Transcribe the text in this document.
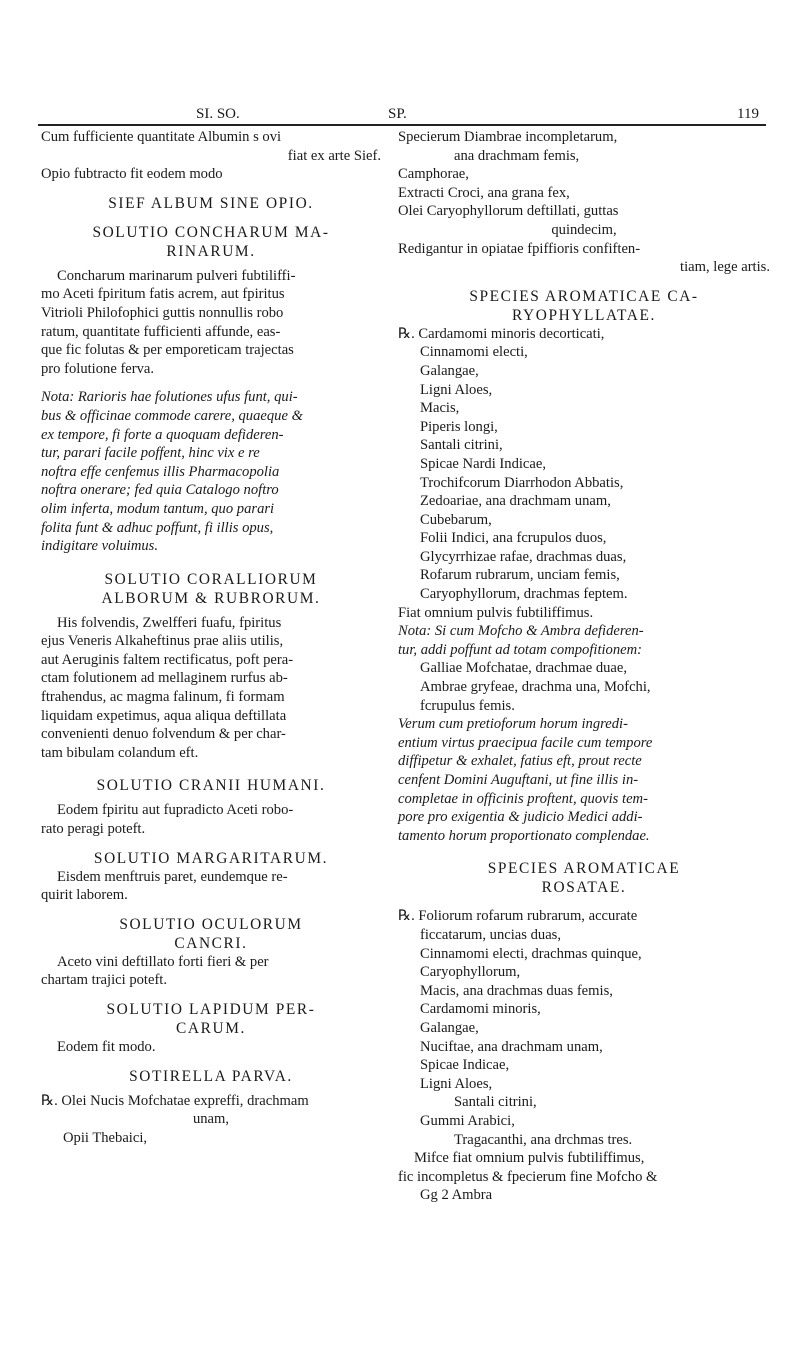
SI. SO.	SP.	119

Cum fufficiente quantitate Albumin s ovi

fiat ex arte Sief.

Opio fubtracto fit eodem modo

SIEF ALBUM SINE OPIO.

SOLUTIO CONCHARUM MA-

RINARUM.

Concharum marinarum pulveri fubtiliffi-

mo Aceti fpiritum fatis acrem, aut fpiritus

Vitrioli Philofophici guttis nonnullis robo

ratum, quantitate fufficienti affunde, eas-

que fic folutas & per emporeticam trajectas

pro folutione ferva.

Nota: Rarioris hae folutiones ufus funt, qui-

bus & officinae commode carere, quaeque &

ex tempore, fi forte a quoquam defideren-

tur, parari facile poffent, hinc vix e re

noftra effe cenfemus illis Pharmacopolia

noftra onerare; fed quia Catalogo noftro

olim inferta, modum tantum, quo parari

folita funt & adhuc poffunt, fi illis opus,

indigitare voluimus.

SOLUTIO CORALLIORUM

ALBORUM & RUBRORUM.

His folvendis, Zwelfferi fuafu, fpiritus

ejus Veneris Alkaheftinus prae aliis utilis,

aut Aeruginis faltem rectificatus, poft pera-

ctam folutionem ad mellaginem rurfus ab-

ftrahendus, ac magma falinum, fi formam

liquidam expetimus, aqua aliqua deftillata

convenienti denuo folvendum & per char-

tam bibulam colandum eft.

SOLUTIO CRANII HUMANI.

Eodem fpiritu aut fupradicto Aceti robo-

rato peragi poteft.

SOLUTIO MARGARITARUM.

Eisdem menftruis paret, eundemque re-

quirit laborem.

SOLUTIO OCULORUM

CANCRI.

Aceto vini deftillato forti fieri & per

chartam trajici poteft.

SOLUTIO LAPIDUM PER-

CARUM.

Eodem fit modo.

SOTIRELLA PARVA.

℞. Olei Nucis Mofchatae expreffi, drachmam

unam,

Opii Thebaici,

Specierum Diambrae incompletarum,

ana drachmam femis,

Camphorae,

Extracti Croci, ana grana fex,

Olei Caryophyllorum deftillati, guttas

quindecim,

Redigantur in opiatae fpiffioris confiften-

tiam, lege artis.

SPECIES AROMATICAE CA-

RYOPHYLLATAE.

℞. Cardamomi minoris decorticati,

Cinnamomi electi,

Galangae,

Ligni Aloes,

Macis,

Piperis longi,

Santali citrini,

Spicae Nardi Indicae,

Trochifcorum Diarrhodon Abbatis,

Zedoariae, ana drachmam unam,

Cubebarum,

Folii Indici, ana fcrupulos duos,

Glycyrrhizae rafae, drachmas duas,

Rofarum rubrarum, unciam femis,

Caryophyllorum, drachmas feptem.

Fiat omnium pulvis fubtiliffimus.

Nota: Si cum Mofcho & Ambra defideren-

tur, addi poffunt ad totam compofitionem:

Galliae Mofchatae, drachmae duae,

Ambrae gryfeae, drachma una, Mofchi,

fcrupulus femis.

Verum cum pretioforum horum ingredi-

entium virtus praecipua facile cum tempore

diffipetur & exhalet, fatius eft, prout recte

cenfent Domini Auguftani, ut fine illis in-

completae in officinis proftent, quovis tem-

pore pro exigentia & judicio Medici addi-

tamento horum proportionato complendae.

SPECIES AROMATICAE

ROSATAE.

℞. Foliorum rofarum rubrarum, accurate

ficcatarum, uncias duas,

Cinnamomi electi, drachmas quinque,

Caryophyllorum,

Macis, ana drachmas duas femis,

Cardamomi minoris,

Galangae,

Nuciftae, ana drachmam unam,

Spicae Indicae,

Ligni Aloes,

Santali citrini,

Gummi Arabici,

Tragacanthi, ana drchmas tres.

Mifce fiat omnium pulvis fubtiliffimus,

fic incompletus & fpecierum fine Mofcho &

Gg 2 Ambra
